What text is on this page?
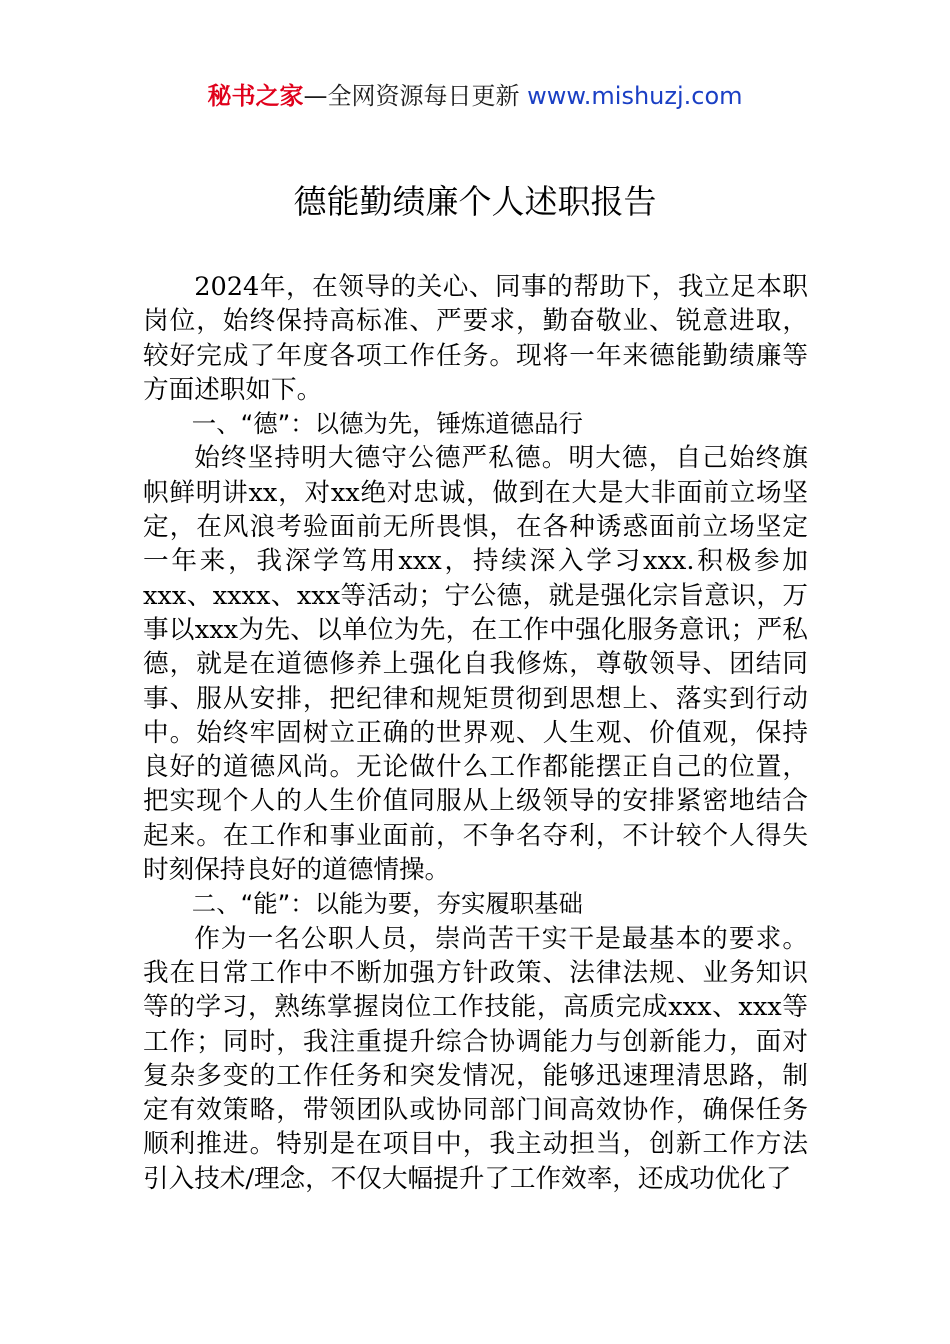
秘书之家—全网资源每日更新 www.mishuzj.com
德能勤绩廉个人述职报告

2024年，在领导的关心、同事的帮助下，我立足本职岗位，始终保持高标准、严要求，勤奋敬业、锐意进取，较好完成了年度各项工作任务。现将一年来德能勤绩廉等方面述职如下。

一、“德”：以德为先，锤炼道德品行

始终坚持明大德守公德严私德。明大德，自己始终旗帜鲜明讲xx，对xx绝对忠诚，做到在大是大非面前立场坚定，在风浪考验面前无所畏惧，在各种诱惑面前立场坚定一年来，我深学笃用xxx，持续深入学习xxx.积极参加xxx、xxxx、xxx等活动；宁公德，就是强化宗旨意识，万事以xxx为先、以单位为先，在工作中强化服务意讯；严私德，就是在道德修养上强化自我修炼，尊敬领导、团结同事、服从安排，把纪律和规矩贯彻到思想上、落实到行动中。始终牢固树立正确的世界观、人生观、价值观，保持良好的道德风尚。无论做什么工作都能摆正自己的位置，把实现个人的人生价值同服从上级领导的安排紧密地结合起来。在工作和事业面前，不争名夺利，不计较个人得失时刻保持良好的道德情操。

二、“能”：以能为要，夯实履职基础

作为一名公职人员，崇尚苦干实干是最基本的要求。我在日常工作中不断加强方针政策、法律法规、业务知识等的学习，熟练掌握岗位工作技能，高质完成xxx、xxx等工作；同时，我注重提升综合协调能力与创新能力，面对复杂多变的工作任务和突发情况，能够迅速理清思路，制定有效策略，带领团队或协同部门间高效协作，确保任务顺利推进。特别是在项目中，我主动担当，创新工作方法引入技术/理念，不仅大幅提升了工作效率，还成功优化了
